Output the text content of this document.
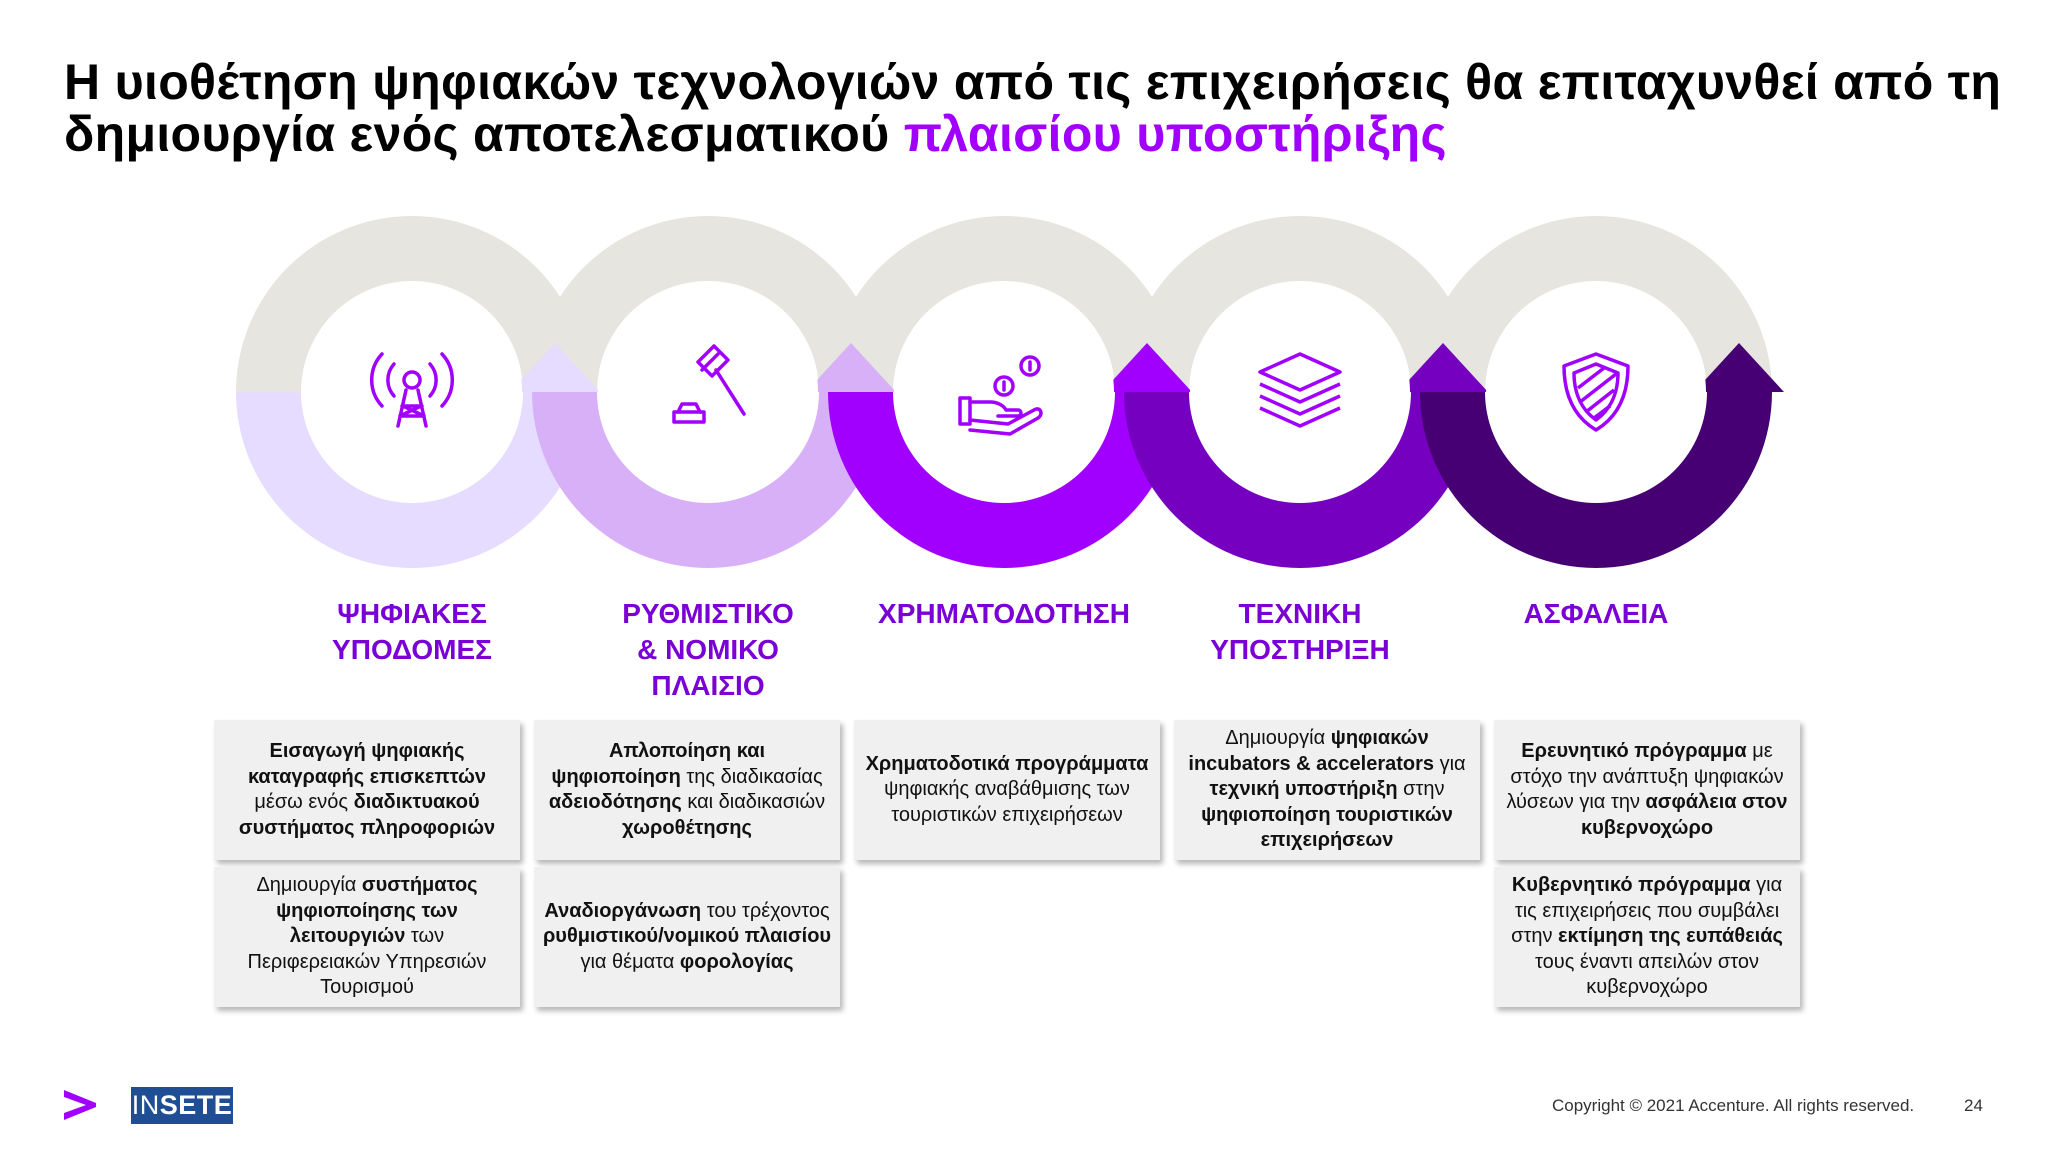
Η υιοθέτηση ψηφιακών τεχνολογιών από τις επιχειρήσεις θα επιταχυνθεί από τη δημιουργία ενός αποτελεσματικού πλαισίου υποστήριξης
ΨΗΦΙΑΚΕΣ
ΥΠΟΔΟΜΕΣ
ΡΥΘΜΙΣΤΙΚΟ
& ΝΟΜΙΚΟ
ΠΛΑΙΣΙΟ
ΧΡΗΜΑΤΟΔΟΤΗΣΗ	ΤΕΧΝΙΚΗ
ΥΠΟΣΤΗΡΙΞΗ
ΑΣΦΑΛΕΙΑ
Εισαγωγή ψηφιακής καταγραφής επισκεπτών μέσω ενός διαδικτυακού συστήματος πληροφοριών
Δημιουργία συστήματος ψηφιοποίησης των λειτουργιών των Περιφερειακών Υπηρεσιών Τουρισμού
Απλοποίηση και ψηφιοποίηση της διαδικασίας αδειοδότησης και διαδικασιών χωροθέτησης
Αναδιοργάνωση του τρέχοντος ρυθμιστικού/νομικού πλαισίου για θέματα φορολογίας
Χρηματοδοτικά προγράμματα ψηφιακής αναβάθμισης των τουριστικών επιχειρήσεων
Δημιουργία ψηφιακών incubators & accelerators για τεχνική υποστήριξη στην ψηφιοποίηση τουριστικών επιχειρήσεων
Ερευνητικό πρόγραμμα με στόχο την ανάπτυξη ψηφιακών λύσεων για την ασφάλεια στον κυβερνοχώρο
Κυβερνητικό πρόγραμμα για τις επιχειρήσεις που συμβάλει στην εκτίμηση της ευπάθειάς τους έναντι απειλών στον κυβερνοχώρο
INSETE	Copyright © 2021 Accenture. All rights reserved.	24
